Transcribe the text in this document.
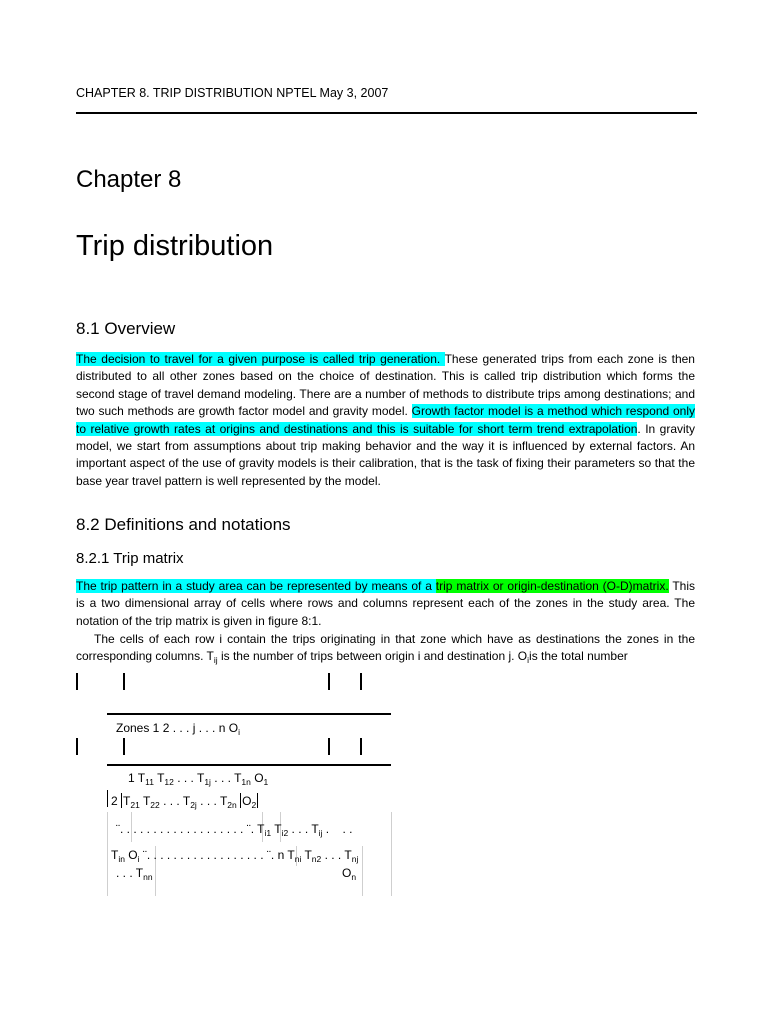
CHAPTER 8. TRIP DISTRIBUTION NPTEL May 3, 2007
Chapter 8
Trip distribution
8.1 Overview
The decision to travel for a given purpose is called trip generation. These generated trips from each zone is then distributed to all other zones based on the choice of destination. This is called trip distribution which forms the second stage of travel demand modeling. There are a number of methods to distribute trips among destinations; and two such methods are growth factor model and gravity model. Growth factor model is a method which respond only to relative growth rates at origins and destinations and this is suitable for short term trend extrapolation. In gravity model, we start from assumptions about trip making behavior and the way it is influenced by external factors. An important aspect of the use of gravity models is their calibration, that is the task of fixing their parameters so that the base year travel pattern is well represented by the model.
8.2 Definitions and notations
8.2.1 Trip matrix
The trip pattern in a study area can be represented by means of a trip matrix or origin-destination (O-D)matrix. This is a two dimensional array of cells where rows and columns represent each of the zones in the study area. The notation of the trip matrix is given in figure 8:1.
The cells of each row i contain the trips originating in that zone which have as destinations the zones in the corresponding columns. $T_{ij}$ is the number of trips between origin i and destination j. $O_iis$ the total number
Zones 1 2 . . . j . . . n $O_i$
1 $T_{11}$ $T_{12}$ . . . $T_{1j}$ . . . $T_{1n}$ $O_1$
2 $T_{21}$ $T_{22}$ . . . $T_{2j}$ . . . $T_{2n}$ $O_2$
¨. . . . . . . . . . . . . . . . . . . ¨. $T_{i1}$ $T_{i2}$ . . . $T_{ij}$ .    . .
$T_{in}$ $O_i$ ¨. . . . . . . . . . . . . . . . . . ¨. n $T_{ni}$ $T_{n2}$ . . . $T_{nj}$
. . . $T_{nn}$	$O_n$
